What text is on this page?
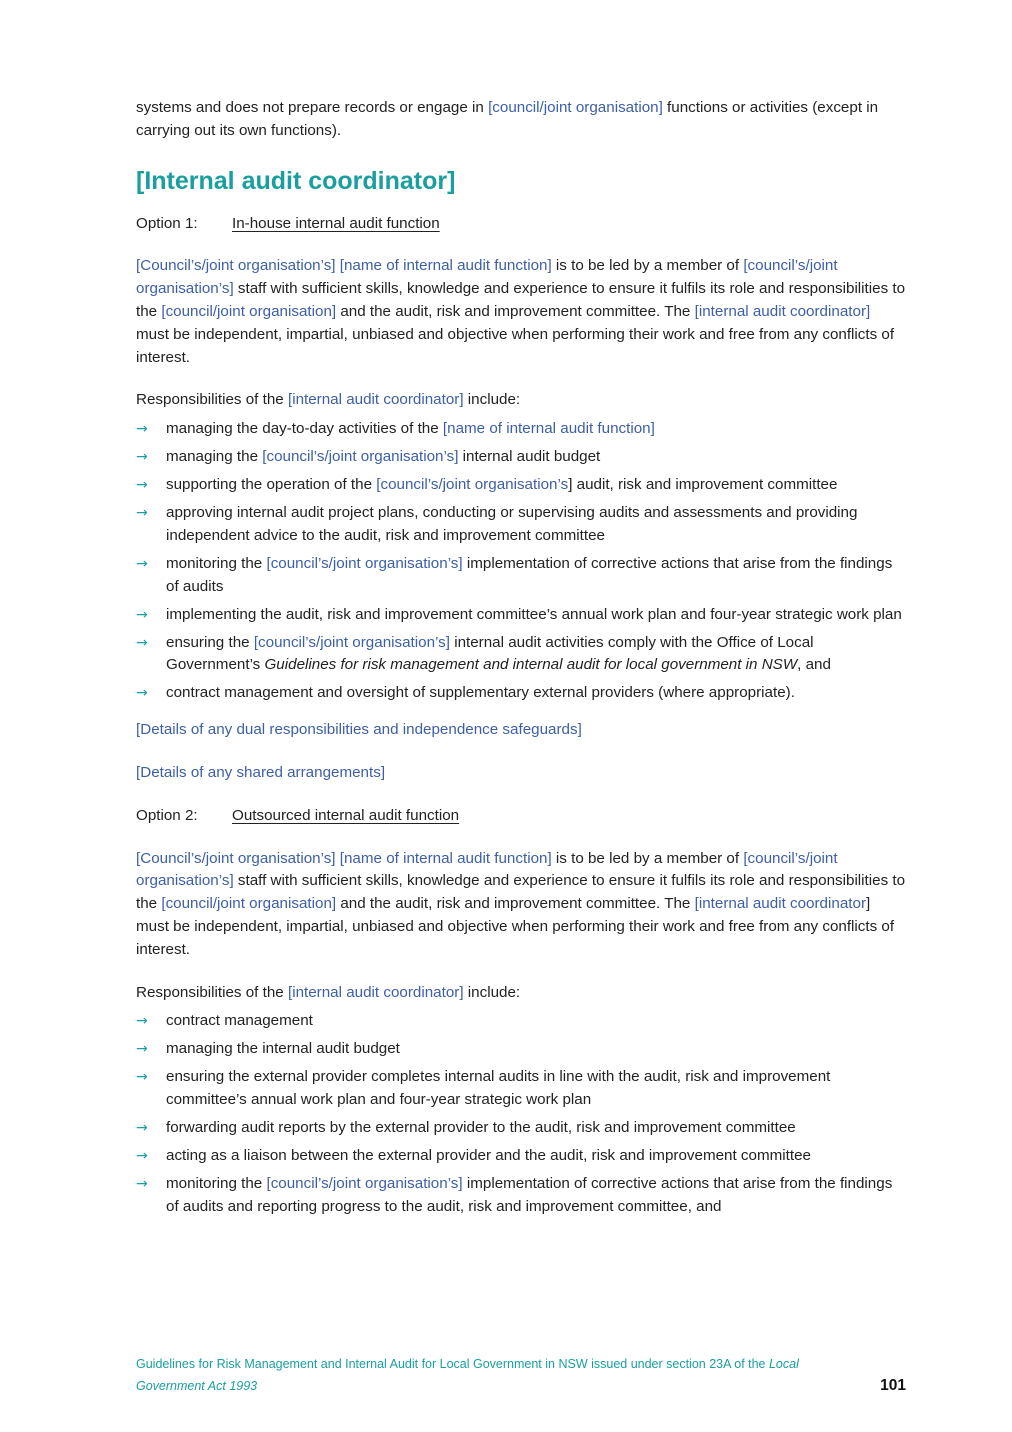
systems and does not prepare records or engage in [council/joint organisation] functions or activities (except in carrying out its own functions).

[Internal audit coordinator]

Option 1: In-house internal audit function

[Council’s/joint organisation’s] [name of internal audit function] is to be led by a member of [council’s/joint organisation’s] staff with sufficient skills, knowledge and experience to ensure it fulfils its role and responsibilities to the [council/joint organisation] and the audit, risk and improvement committee. The [internal audit coordinator] must be independent, impartial, unbiased and objective when performing their work and free from any conflicts of interest.

Responsibilities of the [internal audit coordinator] include:

→ managing the day-to-day activities of the [name of internal audit function]
→ managing the [council’s/joint organisation’s] internal audit budget
→ supporting the operation of the [council’s/joint organisation’s] audit, risk and improvement committee
→ approving internal audit project plans, conducting or supervising audits and assessments and providing independent advice to the audit, risk and improvement committee
→ monitoring the [council’s/joint organisation’s] implementation of corrective actions that arise from the findings of audits
→ implementing the audit, risk and improvement committee’s annual work plan and four-year strategic work plan
→ ensuring the [council’s/joint organisation’s] internal audit activities comply with the Office of Local Government’s Guidelines for risk management and internal audit for local government in NSW, and
→ contract management and oversight of supplementary external providers (where appropriate).

[Details of any dual responsibilities and independence safeguards]

[Details of any shared arrangements]

Option 2: Outsourced internal audit function

[Council’s/joint organisation’s] [name of internal audit function] is to be led by a member of [council’s/joint organisation’s] staff with sufficient skills, knowledge and experience to ensure it fulfils its role and responsibilities to the [council/joint organisation] and the audit, risk and improvement committee. The [internal audit coordinator] must be independent, impartial, unbiased and objective when performing their work and free from any conflicts of interest.

Responsibilities of the [internal audit coordinator] include:

→ contract management
→ managing the internal audit budget
→ ensuring the external provider completes internal audits in line with the audit, risk and improvement committee’s annual work plan and four-year strategic work plan
→ forwarding audit reports by the external provider to the audit, risk and improvement committee
→ acting as a liaison between the external provider and the audit, risk and improvement committee
→ monitoring the [council’s/joint organisation’s] implementation of corrective actions that arise from the findings of audits and reporting progress to the audit, risk and improvement committee, and
Guidelines for Risk Management and Internal Audit for Local Government in NSW issued under section 23A of the Local Government Act 1993	101
